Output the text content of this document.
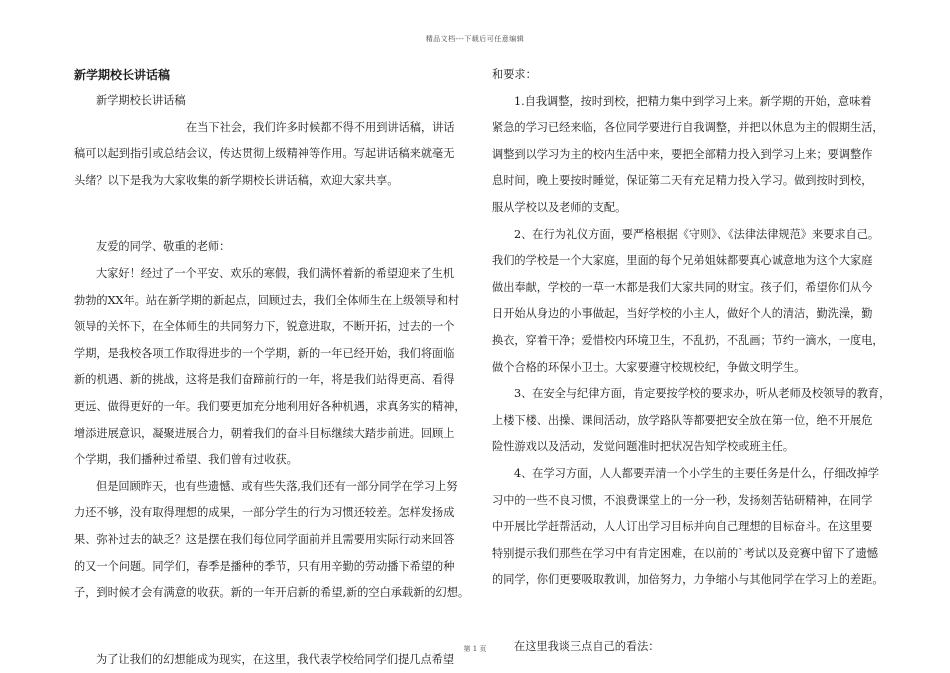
精品文档---下载后可任意编辑

新学期校长讲话稿

新学期校长讲话稿

在当下社会，我们许多时候都不得不用到讲话稿，讲话

稿可以起到指引或总结会议，传达贯彻上级精神等作用。写起讲话稿来就毫无

头绪？以下是我为大家收集的新学期校长讲话稿，欢迎大家共享。

友爱的同学、敬重的老师：

大家好！经过了一个平安、欢乐的寒假，我们满怀着新的希望迎来了生机

勃勃的XX年。站在新学期的新起点，回顾过去，我们全体师生在上级领导和村

领导的关怀下，在全体师生的共同努力下，锐意进取，不断开拓，过去的一个

学期，是我校各项工作取得进步的一个学期，新的一年已经开始，我们将面临

新的机遇、新的挑战，这将是我们奋蹄前行的一年，将是我们站得更高、看得

更远、做得更好的一年。我们要更加充分地利用好各种机遇，求真务实的精神，

增添进展意识，凝聚进展合力，朝着我们的奋斗目标继续大踏步前进。回顾上

个学期，我们播种过希望、我们曾有过收获。

但是回顾昨天，也有些遗憾、或有些失落,我们还有一部分同学在学习上努

力还不够，没有取得理想的成果，一部分学生的行为习惯还较差。怎样发扬成

果、弥补过去的缺乏？这是摆在我们每位同学面前并且需要用实际行动来回答

的又一个问题。同学们，春季是播种的季节，只有用辛勤的劳动播下希望的种

子，到时候才会有满意的收获。新的一年开启新的希望,新的空白承载新的幻想。

为了让我们的幻想能成为现实，在这里，我代表学校给同学们提几点希望

和要求：

1.自我调整，按时到校，把精力集中到学习上来。新学期的开始，意味着

紧急的学习已经来临，各位同学要进行自我调整，并把以休息为主的假期生活，

调整到以学习为主的校内生活中来，要把全部精力投入到学习上来；要调整作

息时间，晚上要按时睡觉，保证第二天有充足精力投入学习。做到按时到校，

服从学校以及老师的支配。

2、在行为礼仪方面，要严格根据《守则》、《法律法律规范》来要求自己。

我们的学校是一个大家庭，里面的每个兄弟姐妹都要真心诚意地为这个大家庭

做出奉献，学校的一草一木都是我们大家共同的财宝。孩子们，希望你们从今

日开始从身边的小事做起，当好学校的小主人，做好个人的清洁，勤洗澡，勤

换衣，穿着干净；爱惜校内环境卫生，不乱扔，不乱画；节约一滴水，一度电，

做个合格的环保小卫士。大家要遵守校规校纪，争做文明学生。

3、在安全与纪律方面，肯定要按学校的要求办，听从老师及校领导的教育，

上楼下楼、出操、课间活动，放学路队等都要把安全放在第一位，绝不开展危

险性游戏以及活动，发觉问题准时把状况告知学校或班主任。

4、在学习方面，人人都要弄清一个小学生的主要任务是什么，仔细改掉学

习中的一些不良习惯，不浪费课堂上的一分一秒，发扬刻苦钻研精神，在同学

中开展比学赶帮活动，人人订出学习目标并向自己理想的目标奋斗。在这里要

特别提示我们那些在学习中有肯定困难，在以前的`考试以及竞赛中留下了遗憾

的同学，你们更要吸取教训，加倍努力，力争缩小与其他同学在学习上的差距。

在这里我谈三点自己的看法：

第 1 页
